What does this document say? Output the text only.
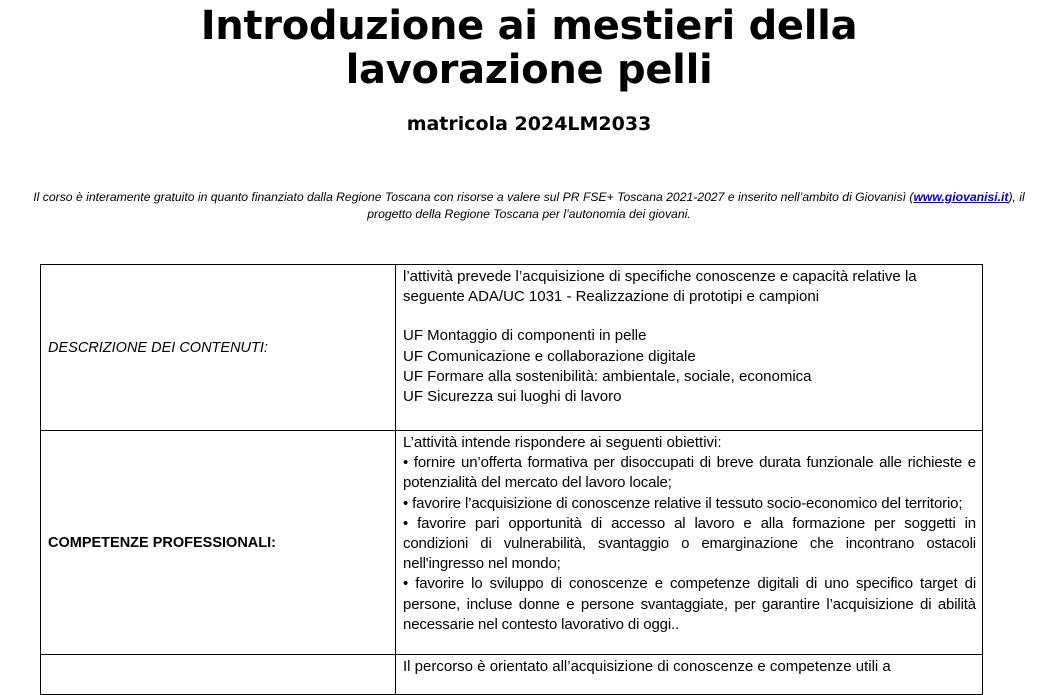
Introduzione ai mestieri della
lavorazione pelli

matricola 2024LM2033

Il corso è interamente gratuito in quanto finanziato dalla Regione Toscana con risorse a valere sul PR FSE+ Toscana 2021-2027 e inserito nell’ambito di Giovanisì (www.giovanisi.it), il progetto della Regione Toscana per l’autonomia dei giovani.

DESCRIZIONE DEI CONTENUTI:	l’attività prevede l’acquisizione di specifiche conoscenze e capacità relative la seguente ADA/UC 1031 - Realizzazione di prototipi e campioni
UF Montaggio di componenti in pelle
UF Comunicazione e collaborazione digitale
UF Formare alla sostenibilità: ambientale, sociale, economica
UF Sicurezza sui luoghi di lavoro

COMPETENZE PROFESSIONALI:	L’attività intende rispondere ai seguenti obiettivi:
• fornire un’offerta formativa per disoccupati di breve durata funzionale alle richieste e potenzialità del mercato del lavoro locale;
• favorire l’acquisizione di conoscenze relative il tessuto socio-economico del territorio;
• favorire pari opportunità di accesso al lavoro e alla formazione per soggetti in condizioni di vulnerabilità, svantaggio o emarginazione che incontrano ostacoli nell'ingresso nel mondo;
• favorire lo sviluppo di conoscenze e competenze digitali di uno specifico target di persone, incluse donne e persone svantaggiate, per garantire l’acquisizione di abilità necessarie nel contesto lavorativo di oggi..

	Il percorso è orientato all’acquisizione di conoscenze e competenze utili a
